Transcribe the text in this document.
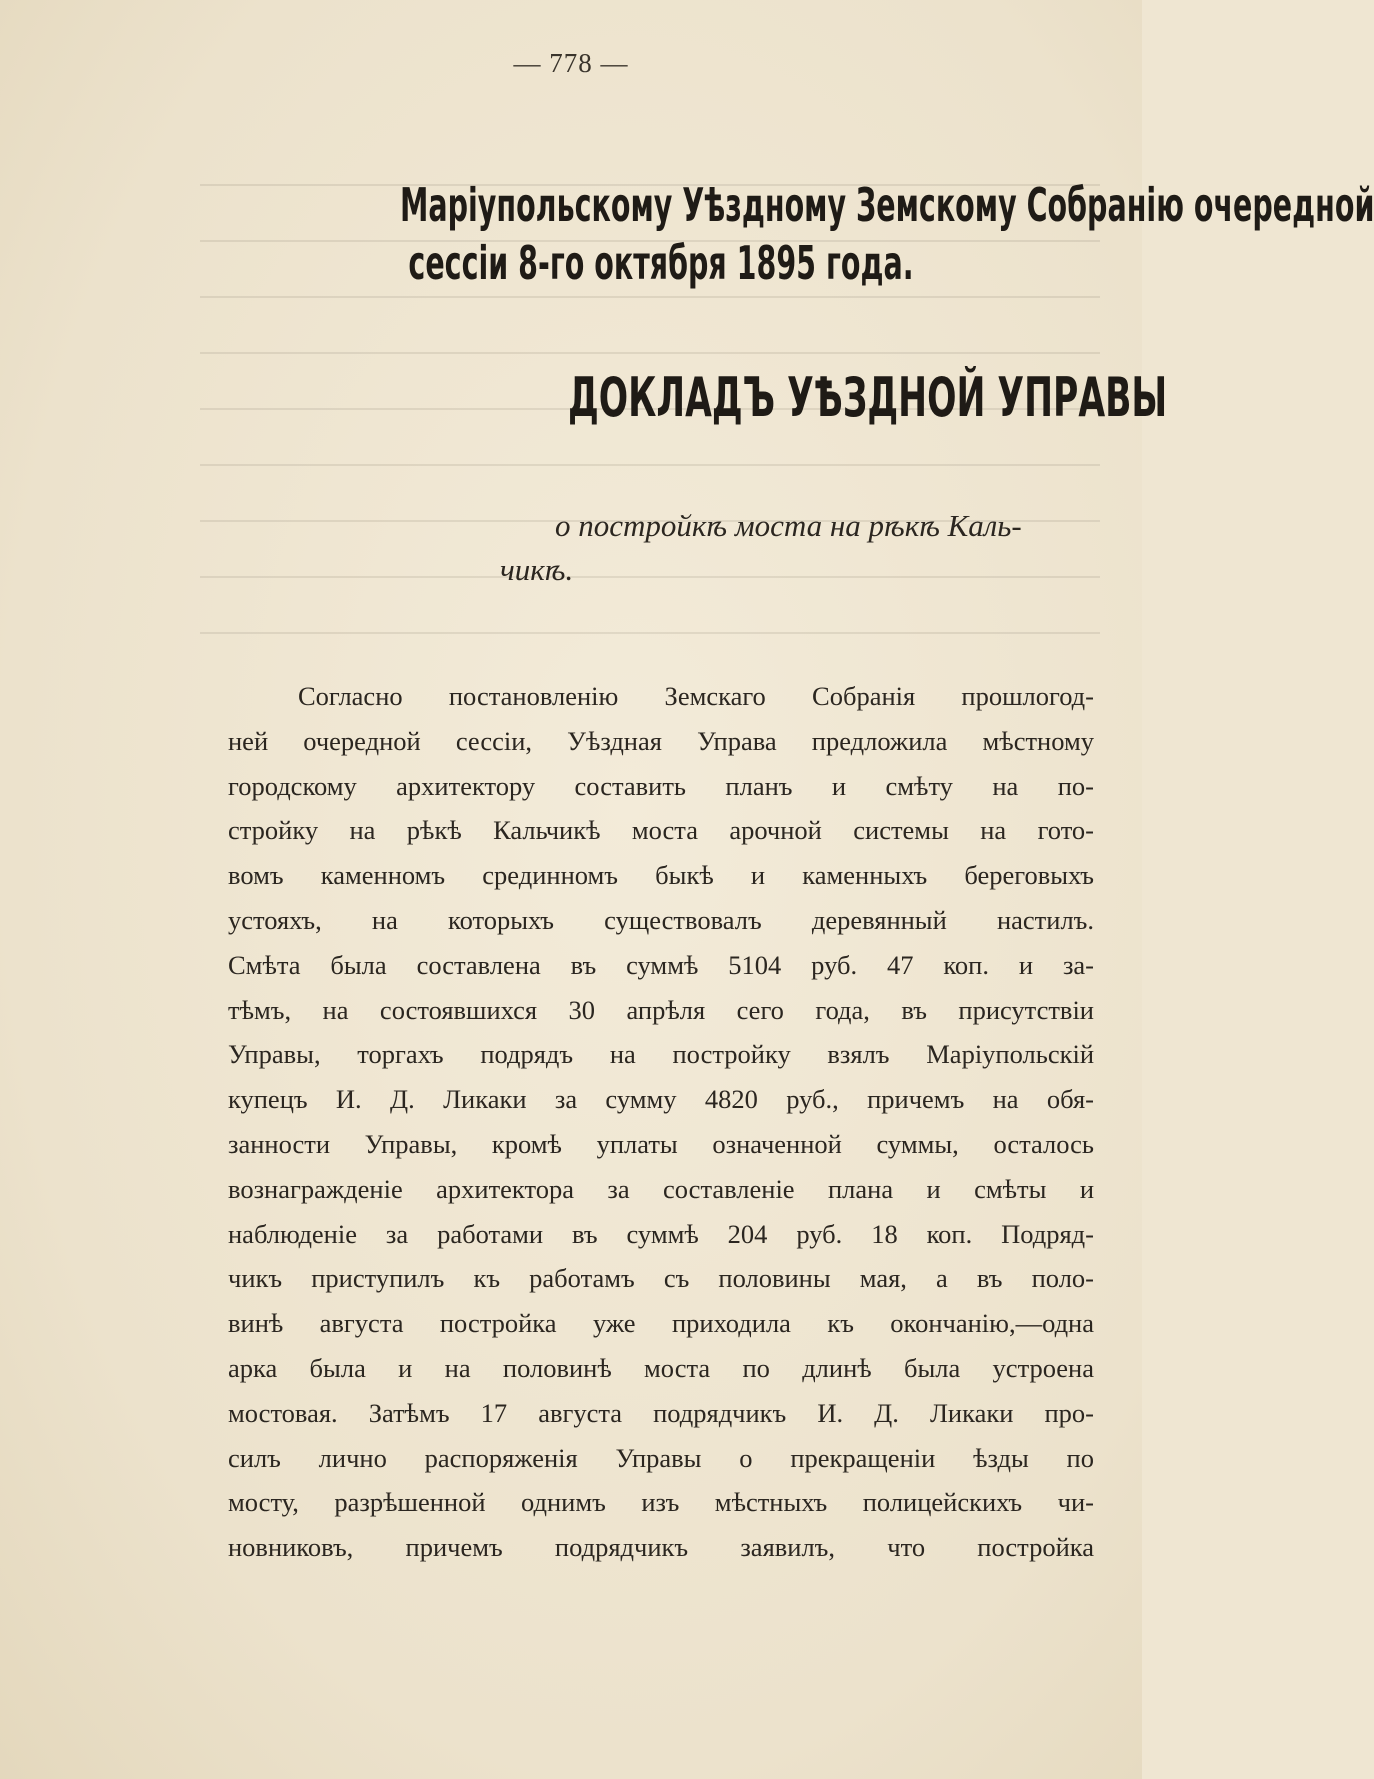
— 778 —
Маріупольскому Уѣздному Земскому Собранію очередной
сессіи 8-го октября 1895 года.
ДОКЛАДЪ УѢЗДНОЙ УПРАВЫ
о постройкѣ моста на рѣкѣ Каль-
чикѣ.
Согласно постановленію Земскаго Собранія прошлогод-
ней очередной сессіи, Уѣздная Управа предложила мѣстному
городскому архитектору составить планъ и смѣту на по-
стройку на рѣкѣ Кальчикѣ моста арочной системы на гото-
вомъ каменномъ срединномъ быкѣ и каменныхъ береговыхъ
устояхъ, на которыхъ существовалъ деревянный настилъ.
Смѣта была составлена въ суммѣ 5104 руб. 47 коп. и за-
тѣмъ, на состоявшихся 30 апрѣля сего года, въ присутствіи
Управы, торгахъ подрядъ на постройку взялъ Маріупольскій
купецъ И. Д. Ликаки за сумму 4820 руб., причемъ на обя-
занности Управы, кромѣ уплаты означенной суммы, осталось
вознагражденіе архитектора за составленіе плана и смѣты и
наблюденіе за работами въ суммѣ 204 руб. 18 коп. Подряд-
чикъ приступилъ къ работамъ съ половины мая, а въ поло-
винѣ августа постройка уже приходила къ окончанію,—одна
арка была и на половинѣ моста по длинѣ была устроена
мостовая. Затѣмъ 17 августа подрядчикъ И. Д. Ликаки про-
силъ лично распоряженія Управы о прекращеніи ѣзды по
мосту, разрѣшенной однимъ изъ мѣстныхъ полицейскихъ чи-
новниковъ, причемъ подрядчикъ заявилъ, что постройка
